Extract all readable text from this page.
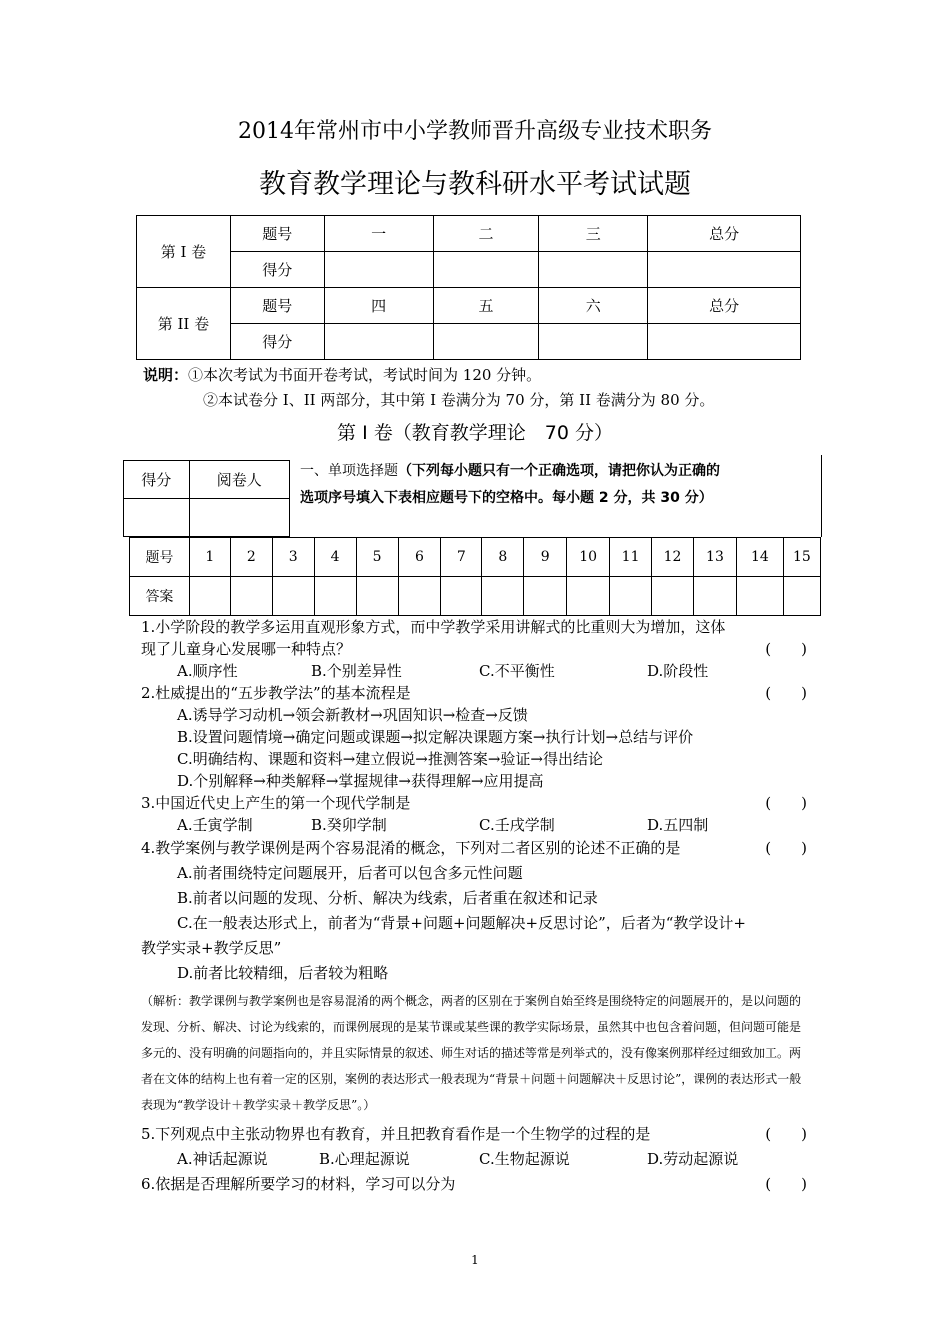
2014年常州市中小学教师晋升高级专业技术职务
教育教学理论与教科研水平考试试题
第 I 卷	题号	一	二	三	总分
	得分				
第 II 卷	题号	四	五	六	总分
	得分				
说明：①本次考试为书面开卷考试，考试时间为 120 分钟。
②本试卷分 I、II 两部分，其中第 I 卷满分为 70 分，第 II 卷满分为 80 分。
第 I 卷（教育教学理论　70 分）
得分	阅卷人
		一、单项选择题（下列每小题只有一个正确选项，请把你认为正确的
选项序号填入下表相应题号下的空格中。每小题 2 分，共 30 分）
题号	1	2	3	4	5	6	7	8	9	10	11	12	13	14	15
答案															
1.小学阶段的教学多运用直观形象方式，而中学教学采用讲解式的比重则大为增加，这体
现了儿童身心发展哪一种特点？	(　　)
A.顺序性	B.个别差异性	C.不平衡性	D.阶段性
2.杜威提出的“五步教学法”的基本流程是	(　　)
A.诱导学习动机→领会新教材→巩固知识→检查→反馈
B.设置问题情境→确定问题或课题→拟定解决课题方案→执行计划→总结与评价
C.明确结构、课题和资料→建立假说→推测答案→验证→得出结论
D.个别解释→种类解释→掌握规律→获得理解→应用提高
3.中国近代史上产生的第一个现代学制是	(　　)
A.壬寅学制	B.癸卯学制	C.壬戌学制	D.五四制
4.教学案例与教学课例是两个容易混淆的概念，下列对二者区别的论述不正确的是	(　　)
A.前者围绕特定问题展开，后者可以包含多元性问题
B.前者以问题的发现、分析、解决为线索，后者重在叙述和记录
C.在一般表达形式上，前者为“背景+问题+问题解决+反思讨论”，后者为“教学设计+
教学实录+教学反思”
D.前者比较精细，后者较为粗略
（解析：教学课例与教学案例也是容易混淆的两个概念，两者的区别在于案例自始至终是围绕特定的问题展开的，是以问题的发现、分析、解决、讨论为线索的，而课例展现的是某节课或某些课的教学实际场景，虽然其中也包含着问题，但问题可能是多元的、没有明确的问题指向的，并且实际情景的叙述、师生对话的描述等常是列举式的，没有像案例那样经过细致加工。两者在文体的结构上也有着一定的区别，案例的表达形式一般表现为“背景＋问题＋问题解决＋反思讨论”，课例的表达形式一般表现为“教学设计＋教学实录＋教学反思”。）
5.下列观点中主张动物界也有教育，并且把教育看作是一个生物学的过程的是	(　　)
A.神话起源说	B.心理起源说	C.生物起源说	D.劳动起源说
6.依据是否理解所要学习的材料，学习可以分为	(　　)
1
